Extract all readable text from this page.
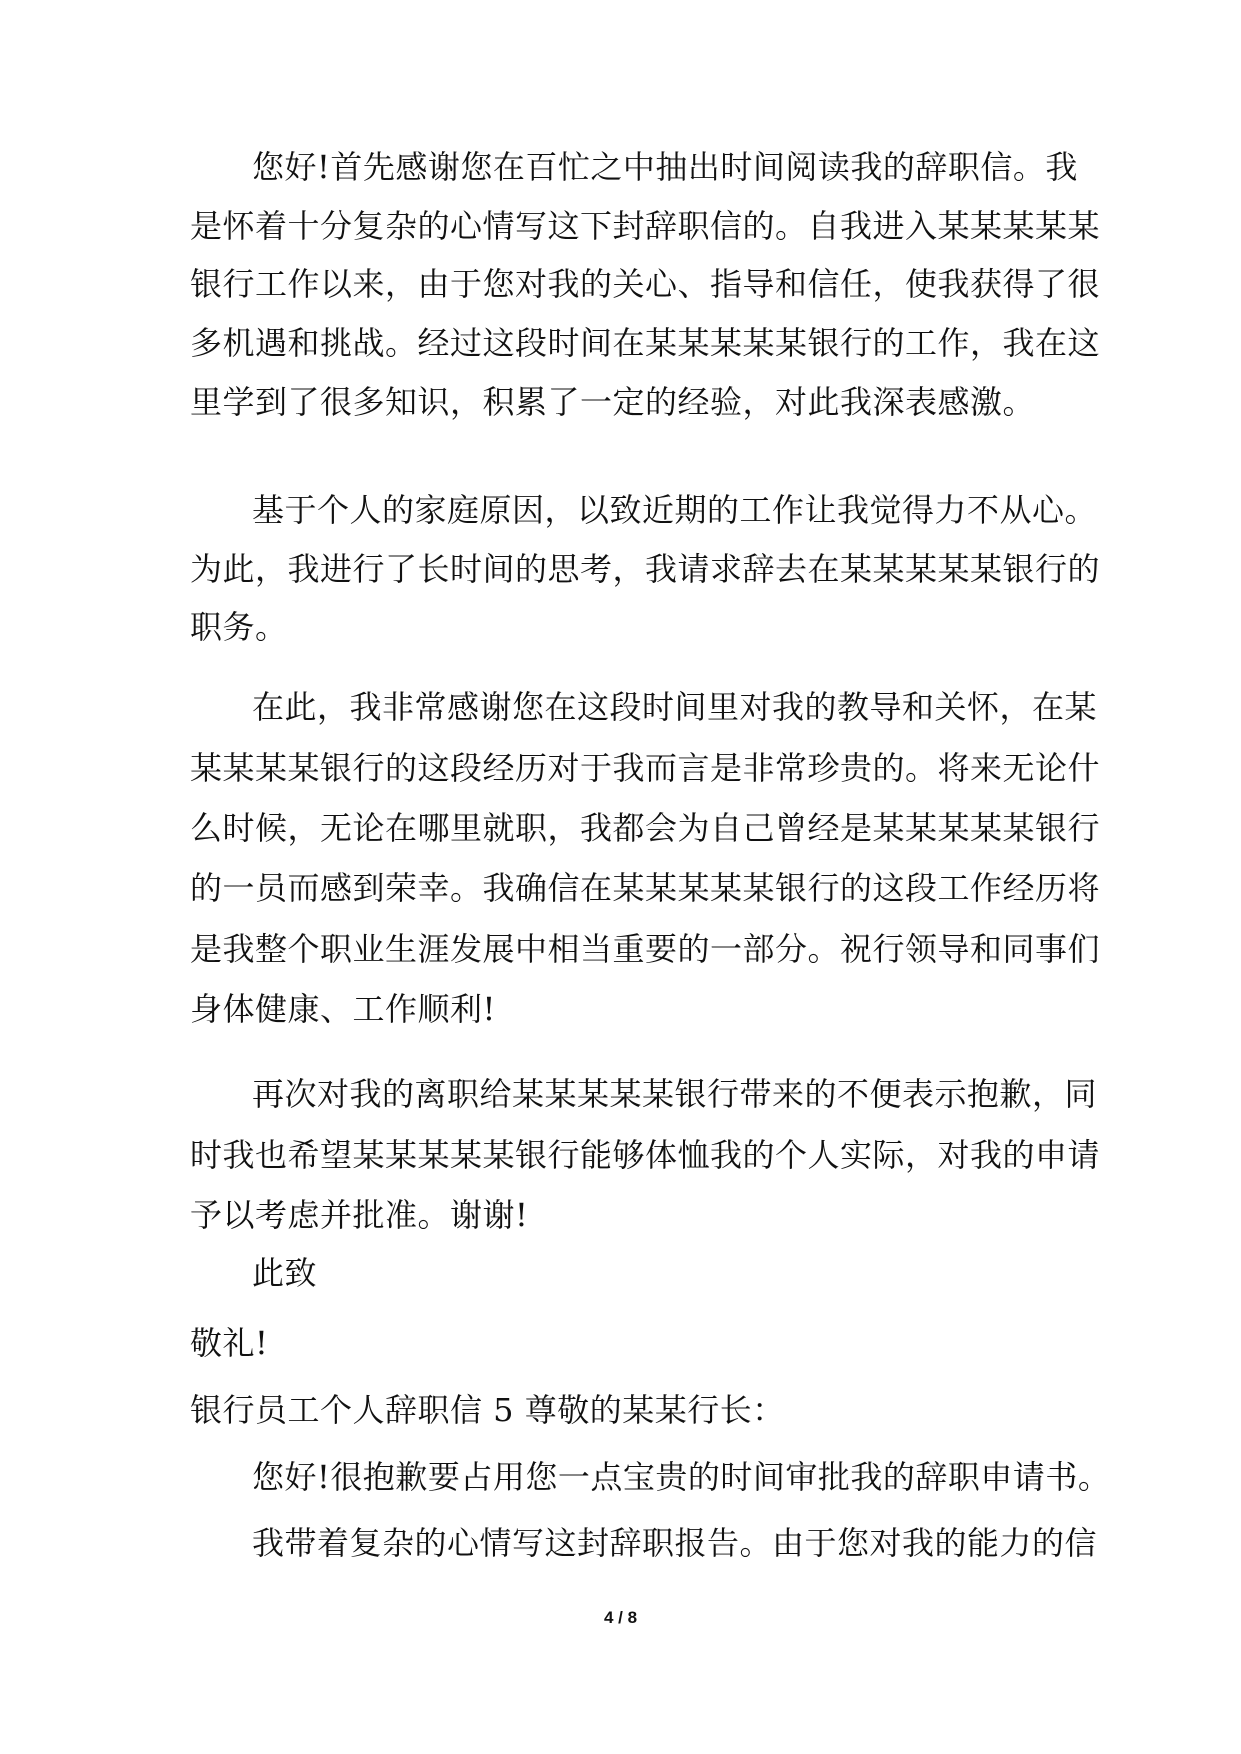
您好!首先感谢您在百忙之中抽出时间阅读我的辞职信。我
是怀着十分复杂的心情写这下封辞职信的。自我进入某某某某某
银行工作以来，由于您对我的关心、指导和信任，使我获得了很
多机遇和挑战。经过这段时间在某某某某某银行的工作，我在这
里学到了很多知识，积累了一定的经验，对此我深表感激。
基于个人的家庭原因，以致近期的工作让我觉得力不从心。
为此，我进行了长时间的思考，我请求辞去在某某某某某银行的
职务。
在此，我非常感谢您在这段时间里对我的教导和关怀，在某
某某某某银行的这段经历对于我而言是非常珍贵的。将来无论什
么时候，无论在哪里就职，我都会为自己曾经是某某某某某银行
的一员而感到荣幸。我确信在某某某某某银行的这段工作经历将
是我整个职业生涯发展中相当重要的一部分。祝行领导和同事们
身体健康、工作顺利!
再次对我的离职给某某某某某银行带来的不便表示抱歉，同
时我也希望某某某某某银行能够体恤我的个人实际，对我的申请
予以考虑并批准。谢谢!
此致
敬礼!
银行员工个人辞职信 5 尊敬的某某行长：
您好!很抱歉要占用您一点宝贵的时间审批我的辞职申请书。
我带着复杂的心情写这封辞职报告。由于您对我的能力的信
4 / 8
